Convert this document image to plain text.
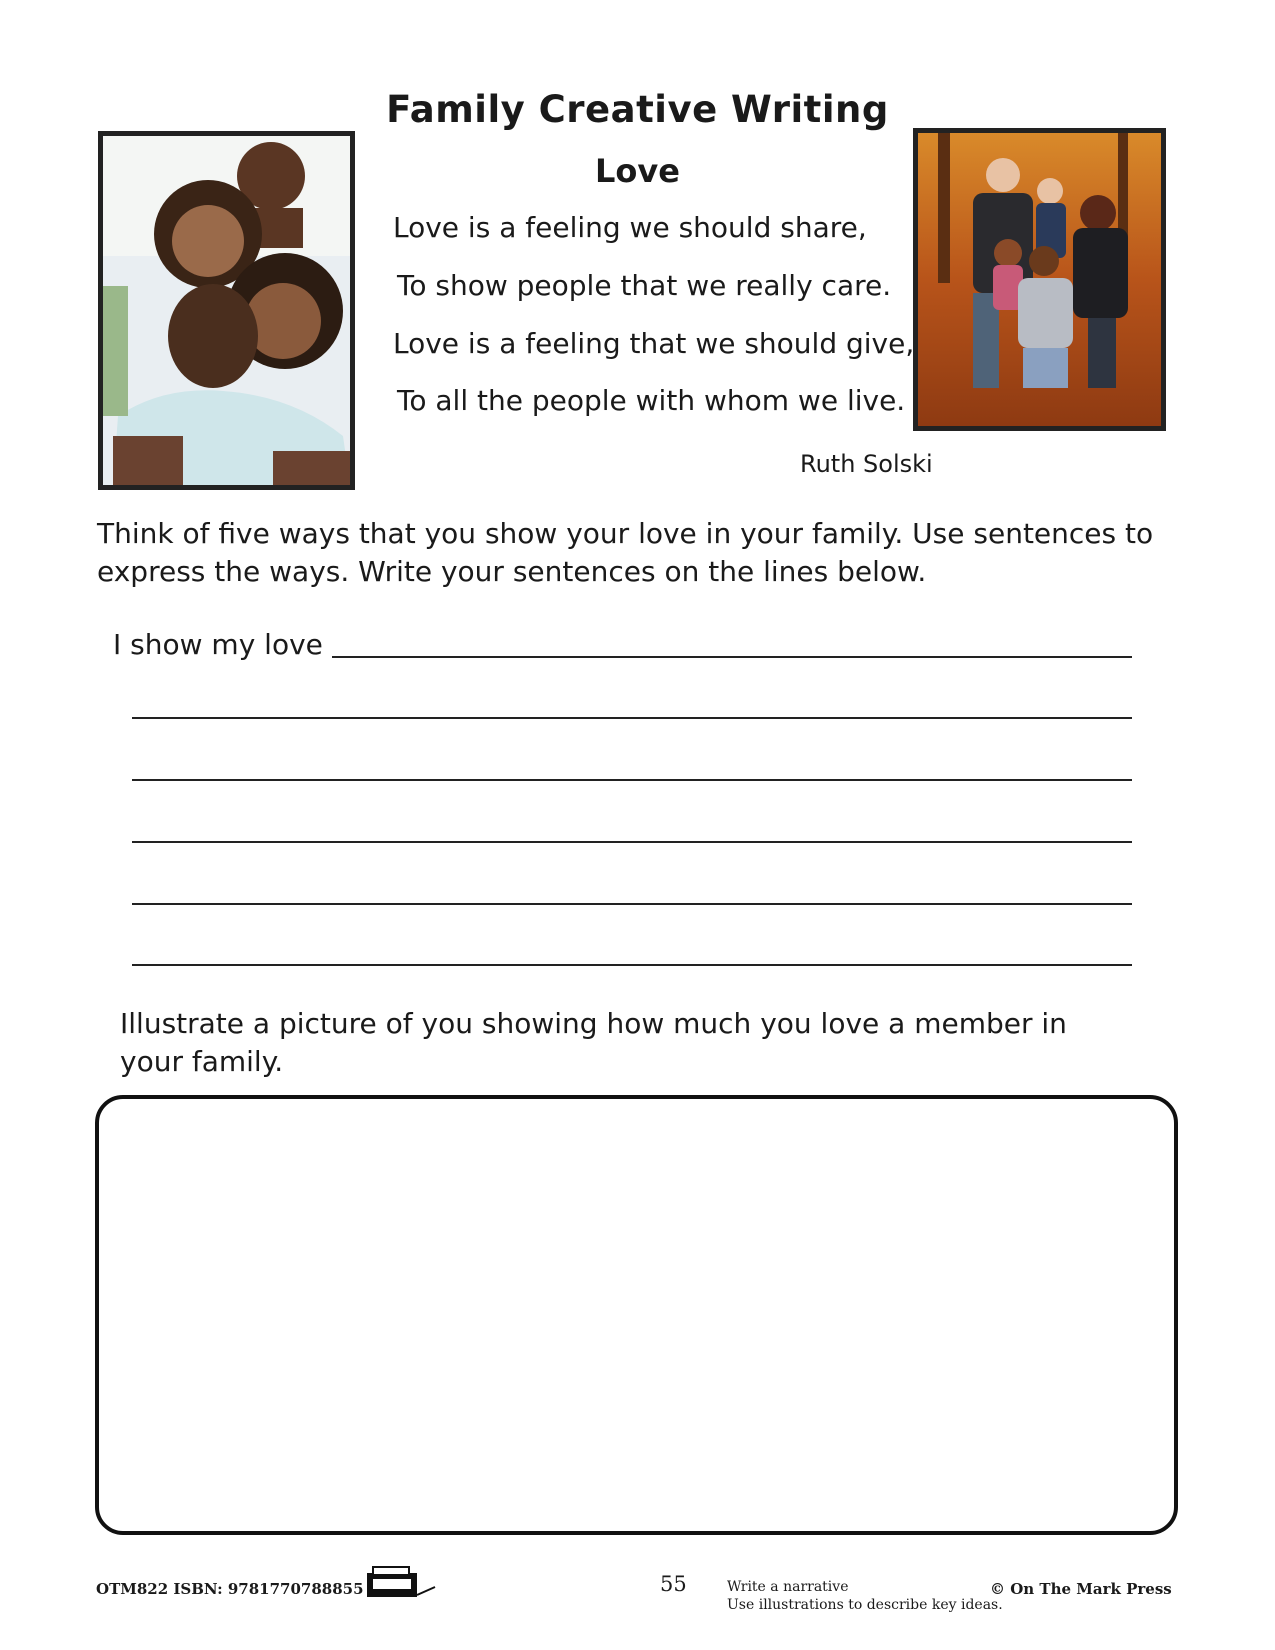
Family Creative Writing
Love
Love is a feeling we should share,
To show people that we really care.
Love is a feeling that we should give,
To all the people with whom we live.
Ruth Solski
Think of five ways that you show your love in your family. Use sentences to express the ways. Write your sentences on the lines below.
I show my love
Illustrate a picture of you showing how much you love a member in your family.
OTM822 ISBN: 9781770788855	55	Write a narrative
Use illustrations to describe key ideas.
© On The Mark Press
